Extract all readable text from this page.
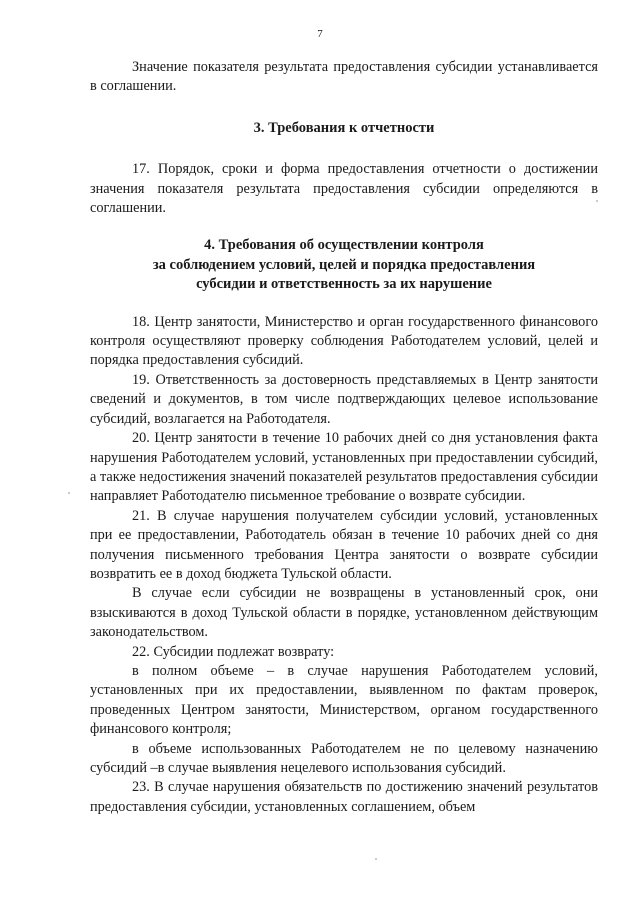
7

Значение показателя результата предоставления субсидии устанавливается в соглашении.

3. Требования к отчетности

17. Порядок, сроки и форма предоставления отчетности о достижении значения показателя результата предоставления субсидии определяются в соглашении.

4. Требования об осуществлении контроля

за соблюдением условий, целей и порядка предоставления

субсидии и ответственность за их нарушение

18. Центр занятости, Министерство и орган государственного финансового контроля осуществляют проверку соблюдения Работодателем условий, целей и порядка предоставления субсидий.

19. Ответственность за достоверность представляемых в Центр занятости сведений и документов, в том числе подтверждающих целевое использование субсидий, возлагается на Работодателя.

20. Центр занятости в течение 10 рабочих дней со дня установления факта нарушения Работодателем условий, установленных при предоставлении субсидий, а также недостижения значений показателей результатов предоставления субсидии направляет Работодателю письменное требование о возврате субсидии.

21. В случае нарушения получателем субсидии условий, установленных при ее предоставлении, Работодатель обязан в течение 10 рабочих дней со дня получения письменного требования Центра занятости о возврате субсидии возвратить ее в доход бюджета Тульской области.

В случае если субсидии не возвращены в установленный срок, они взыскиваются в доход Тульской области в порядке, установленном действующим законодательством.

22. Субсидии подлежат возврату:

в полном объеме – в случае нарушения Работодателем условий, установленных при их предоставлении, выявленном по фактам проверок, проведенных Центром занятости, Министерством, органом государственного финансового контроля;

в объеме использованных Работодателем не по целевому назначению субсидий –в случае выявления нецелевого использования субсидий.

23. В случае нарушения обязательств по достижению значений результатов предоставления субсидии, установленных соглашением, объем
